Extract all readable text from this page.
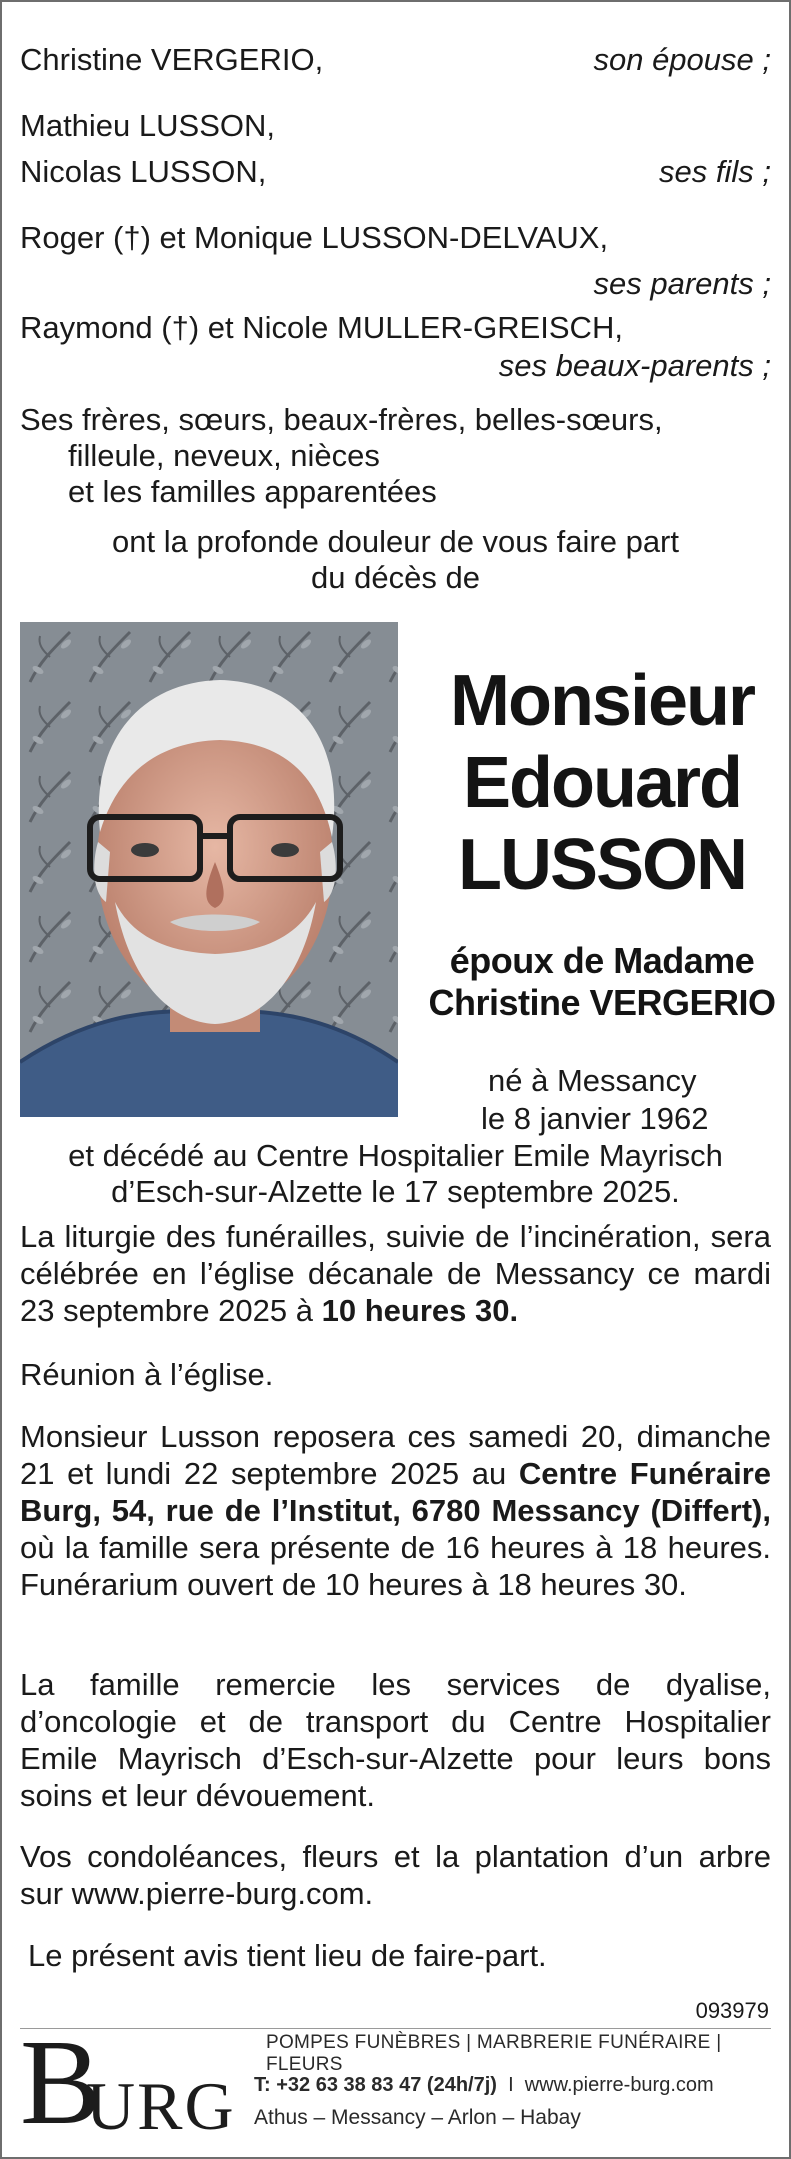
Christine VERGERIO,	son épouse ;
Mathieu LUSSON,
Nicolas LUSSON,	ses fils ;
Roger (†) et Monique LUSSON-DELVAUX,
ses parents ;
Raymond (†) et Nicole MULLER-GREISCH,
ses beaux-parents ;
Ses frères, sœurs, beaux-frères, belles-sœurs,
filleule, neveux, nièces
et les familles apparentées
ont la profonde douleur de vous faire part
du décès de
Monsieur
Edouard
LUSSON
époux de Madame
Christine VERGERIO
né à Messancy
le 8 janvier 1962
et décédé au Centre Hospitalier Emile Mayrisch
d’Esch-sur-Alzette le 17 septembre 2025.
La liturgie des funérailles, suivie de l’incinération, sera célébrée en l’église décanale de Messancy ce mardi 23 septembre 2025 à 10 heures 30.
Réunion à l’église.
Monsieur Lusson reposera ces samedi 20, dimanche 21 et lundi 22 septembre 2025 au Centre Funéraire Burg, 54, rue de l’Institut, 6780 Messancy (Differt), où la famille sera présente de 16 heures à 18 heures. Funérarium ouvert de 10 heures à 18 heures 30.
La famille remercie les services de dyalise, d’oncologie et de transport du Centre Hospitalier Emile Mayrisch d’Esch-sur-Alzette pour leurs bons soins et leur dévouement.
Vos condoléances, fleurs et la plantation d’un arbre sur www.pierre-burg.com.
Le présent avis tient lieu de faire-part.
093979
B
URG
POMPES FUNÈBRES | MARBRERIE FUNÉRAIRE | FLEURS
T: +32 63 38 83 47 (24h/7j)  I  www.pierre-burg.com
Athus – Messancy – Arlon – Habay
